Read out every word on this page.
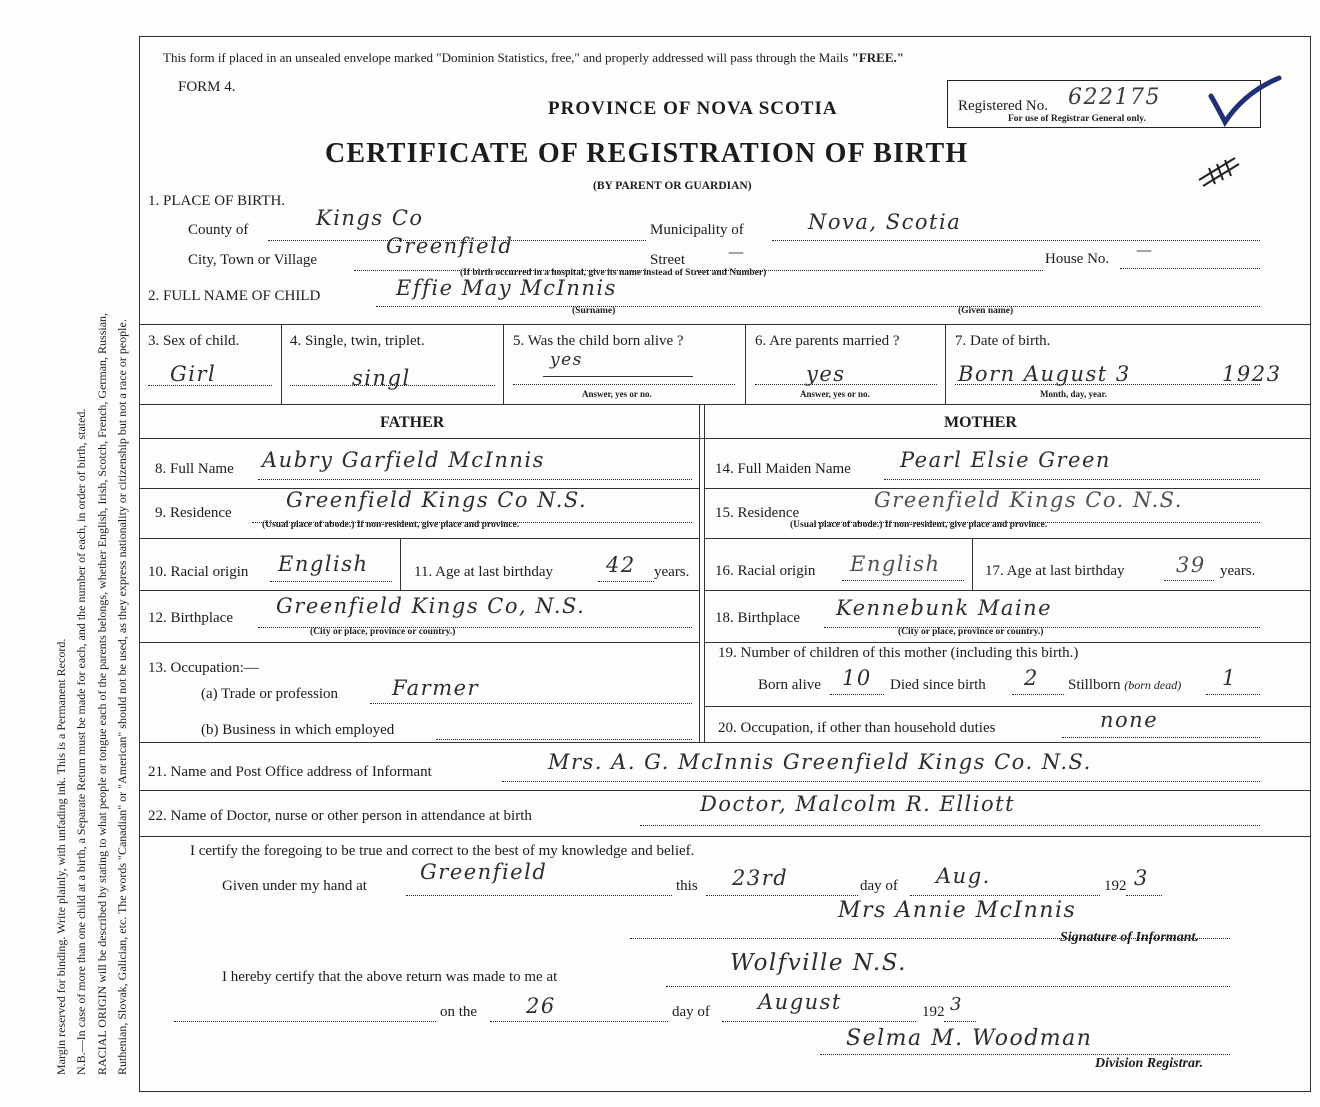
Margin reserved for binding. Write plainly, with unfading ink. This is a Permanent Record. N.B.—In case of more than one child at a birth, a Separate Return must be made for each, and the number of each, in order of birth, stated. RACIAL ORIGIN will be described by stating to what people or tongue each of the parents belongs, whether English, Irish, Scotch, French, German, Russian, Ruthenian, Slovak, Galician, etc. The words "Canadian" or "American" should not be used, as they express nationality or citizenship but not a race or people.
This form if placed in an unsealed envelope marked "Dominion Statistics, free," and properly addressed will pass through the Mails "FREE."
FORM 4.
PROVINCE OF NOVA SCOTIA
CERTIFICATE OF REGISTRATION OF BIRTH
(BY PARENT OR GUARDIAN)
Registered No. 622175
For use of Registrar General only.
1. PLACE OF BIRTH.
County of	Kings Co	Municipality of	Nova, Scotia
City, Town or Village
Greenfield
Street	—	House No. —
(If birth occurred in a hospital, give its name instead of Street and Number)
2. FULL NAME OF CHILD	Effie May McInnis
(Surname)	(Given name)
3. Sex of child.
Girl
4. Single, twin, triplet.
singl
5. Was the child born alive ?
yes
Answer, yes or no.
6. Are parents married ?
yes
Answer, yes or no.
7. Date of birth.
Born August 3	1923
Month, day, year.
FATHER	MOTHER
8. Full Name Aubry Garfield McInnis
9. Residence
Greenfield Kings Co N.S.
(Usual place of abode.) If non-resident, give place and province.
10. Racial origin English	11. Age at last birthday	42 years.
12. Birthplace Greenfield Kings Co, N.S.
(City or place, province or country.)
13. Occupation:—
(a) Trade or profession	Farmer
(b) Business in which employed
14. Full Maiden Name Pearl Elsie Green
15. Residence
Greenfield Kings Co. N.S.
(Usual place of abode.) If non-resident, give place and province.
16. Racial origin English	17. Age at last birthday 39 years.
18. Birthplace Kennebunk Maine
(City or place, province or country.)
19. Number of children of this mother (including this birth.)
Born alive 10 Died since birth 2 Stillborn (born dead) 1
20. Occupation, if other than household duties	none
21. Name and Post Office address of Informant	Mrs. A. G. McInnis Greenfield Kings Co. N.S.
22. Name of Doctor, nurse or other person in attendance at birth	Doctor, Malcolm R. Elliott
I certify the foregoing to be true and correct to the best of my knowledge and belief.
Given under my hand at
Greenfield
this 23rd	day of Aug.	192 3
Mrs Annie McInnis
Signature of Informant.
I hereby certify that the above return was made to me at
Wolfville N.S.
on the 26	day of August	192 3
Selma M. Woodman
Division Registrar.
